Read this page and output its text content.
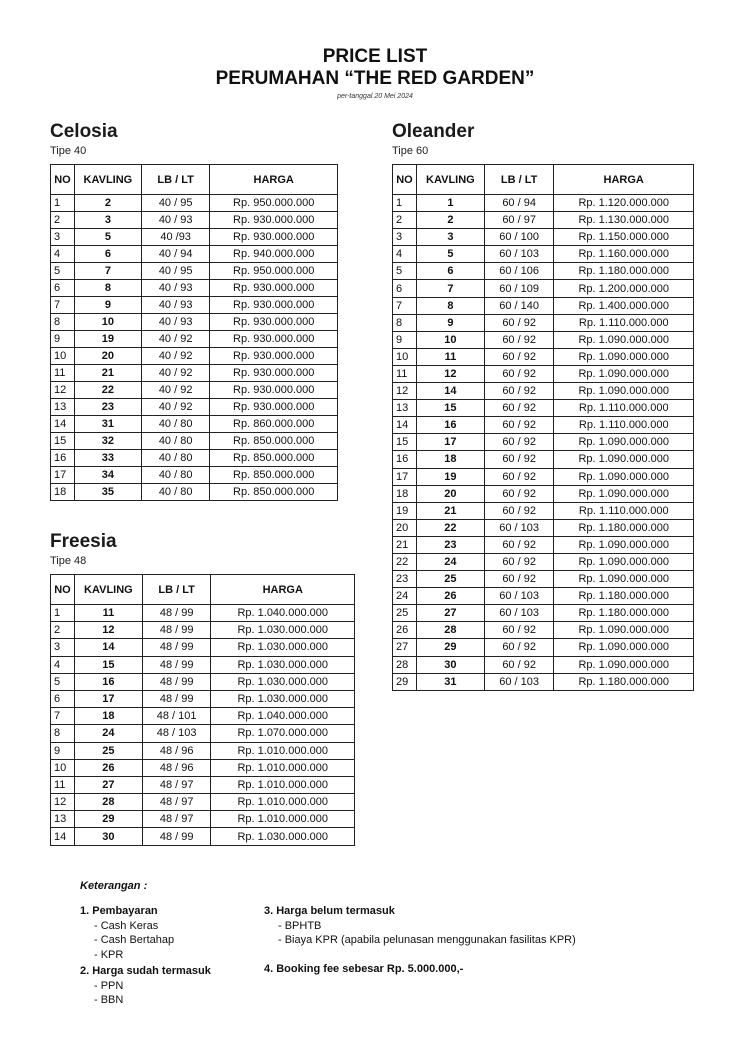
PRICE LIST
PERUMAHAN “THE RED GARDEN”
per-tanggal 20 Mei 2024
Celosia
Tipe 40
NO	KAVLING	LB / LT	HARGA
1	2	40 / 95	Rp. 950.000.000
2	3	40 / 93	Rp. 930.000.000
3	5	40 /93	Rp. 930.000.000
4	6	40 / 94	Rp. 940.000.000
5	7	40 / 95	Rp. 950.000.000
6	8	40 / 93	Rp. 930.000.000
7	9	40 / 93	Rp. 930.000.000
8	10	40 / 93	Rp. 930.000.000
9	19	40 / 92	Rp. 930.000.000
10	20	40 / 92	Rp. 930.000.000
11	21	40 / 92	Rp. 930.000.000
12	22	40 / 92	Rp. 930.000.000
13	23	40 / 92	Rp. 930.000.000
14	31	40 / 80	Rp. 860.000.000
15	32	40 / 80	Rp. 850.000.000
16	33	40 / 80	Rp. 850.000.000
17	34	40 / 80	Rp. 850.000.000
18	35	40 / 80	Rp. 850.000.000
Oleander
Tipe 60
NO	KAVLING	LB / LT	HARGA
1	1	60 / 94	Rp. 1.120.000.000
2	2	60 / 97	Rp. 1.130.000.000
3	3	60 / 100	Rp. 1.150.000.000
4	5	60 / 103	Rp. 1.160.000.000
5	6	60 / 106	Rp. 1.180.000.000
6	7	60 / 109	Rp. 1.200.000.000
7	8	60 / 140	Rp. 1.400.000.000
8	9	60 / 92	Rp. 1.110.000.000
9	10	60 / 92	Rp. 1.090.000.000
10	11	60 / 92	Rp. 1.090.000.000
11	12	60 / 92	Rp. 1.090.000.000
12	14	60 / 92	Rp. 1.090.000.000
13	15	60 / 92	Rp. 1.110.000.000
14	16	60 / 92	Rp. 1.110.000.000
15	17	60 / 92	Rp. 1.090.000.000
16	18	60 / 92	Rp. 1.090.000.000
17	19	60 / 92	Rp. 1.090.000.000
18	20	60 / 92	Rp. 1.090.000.000
19	21	60 / 92	Rp. 1.110.000.000
20	22	60 / 103	Rp. 1.180.000.000
21	23	60 / 92	Rp. 1.090.000.000
22	24	60 / 92	Rp. 1.090.000.000
23	25	60 / 92	Rp. 1.090.000.000
24	26	60 / 103	Rp. 1.180.000.000
25	27	60 / 103	Rp. 1.180.000.000
26	28	60 / 92	Rp. 1.090.000.000
27	29	60 / 92	Rp. 1.090.000.000
28	30	60 / 92	Rp. 1.090.000.000
29	31	60 / 103	Rp. 1.180.000.000
Freesia
Tipe 48
NO	KAVLING	LB / LT	HARGA
1	11	48 / 99	Rp. 1.040.000.000
2	12	48 / 99	Rp. 1.030.000.000
3	14	48 / 99	Rp. 1.030.000.000
4	15	48 / 99	Rp. 1.030.000.000
5	16	48 / 99	Rp. 1.030.000.000
6	17	48 / 99	Rp. 1.030.000.000
7	18	48 / 101	Rp. 1.040.000.000
8	24	48 / 103	Rp. 1.070.000.000
9	25	48 / 96	Rp. 1.010.000.000
10	26	48 / 96	Rp. 1.010.000.000
11	27	48 / 97	Rp. 1.010.000.000
12	28	48 / 97	Rp. 1.010.000.000
13	29	48 / 97	Rp. 1.010.000.000
14	30	48 / 99	Rp. 1.030.000.000
Keterangan :
1. Pembayaran
- Cash Keras
- Cash Bertahap
- KPR
2. Harga sudah termasuk
- PPN
- BBN
3. Harga belum termasuk
- BPHTB
- Biaya KPR (apabila pelunasan menggunakan fasilitas KPR)
4. Booking fee sebesar Rp. 5.000.000,-
